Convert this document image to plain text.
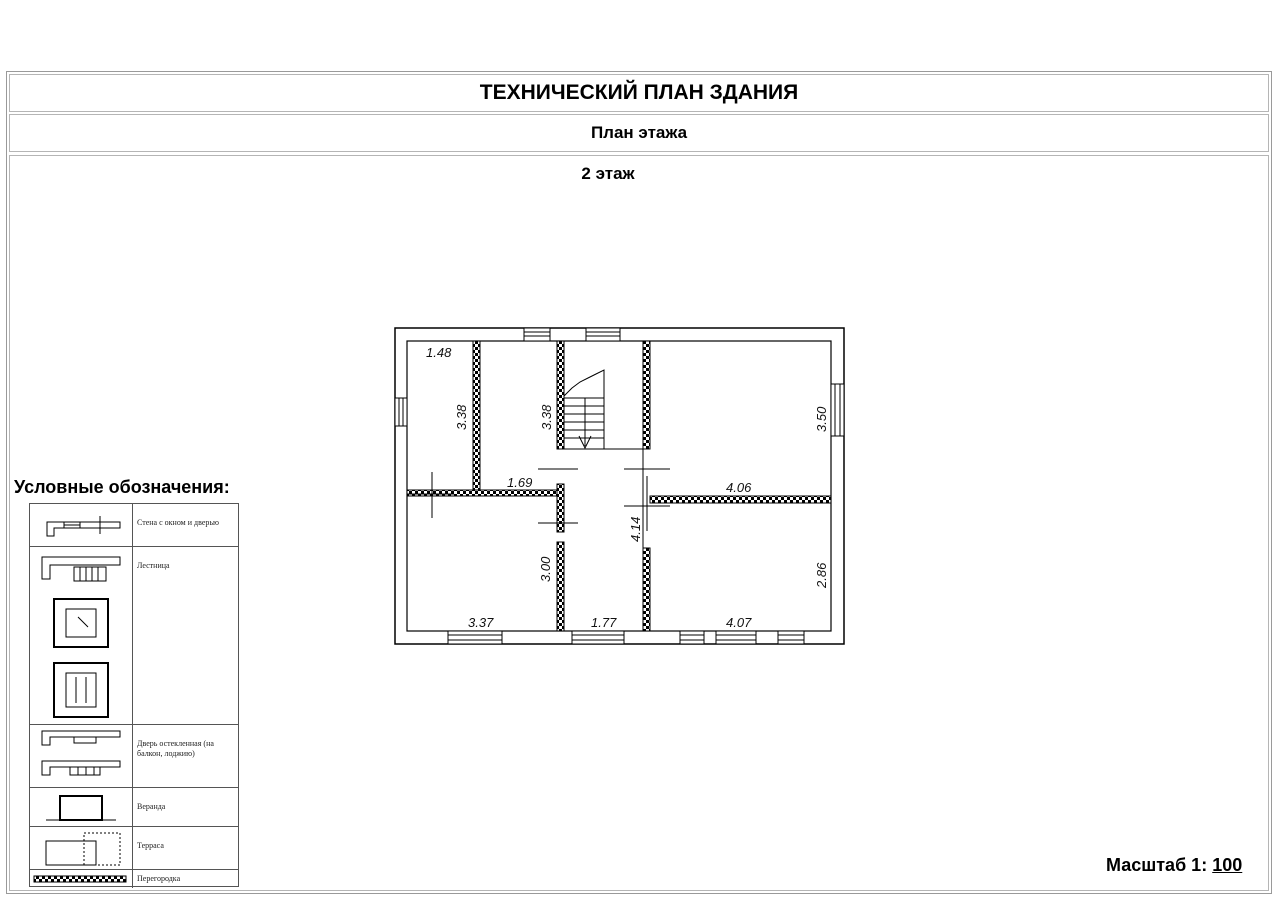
ТЕХНИЧЕСКИЙ ПЛАН ЗДАНИЯ
План этажа
2 этаж
1.48
3.38	3.38	3.50
1.69	4.06
4.14
3.00	2.86
3.37	1.77	4.07
Условные обозначения:
Стена с окном и дверью
Лестница
Дверь остекленная (на балкон, лоджию)
Веранда
Терраса
Перегородка
Масштаб 1: 100
